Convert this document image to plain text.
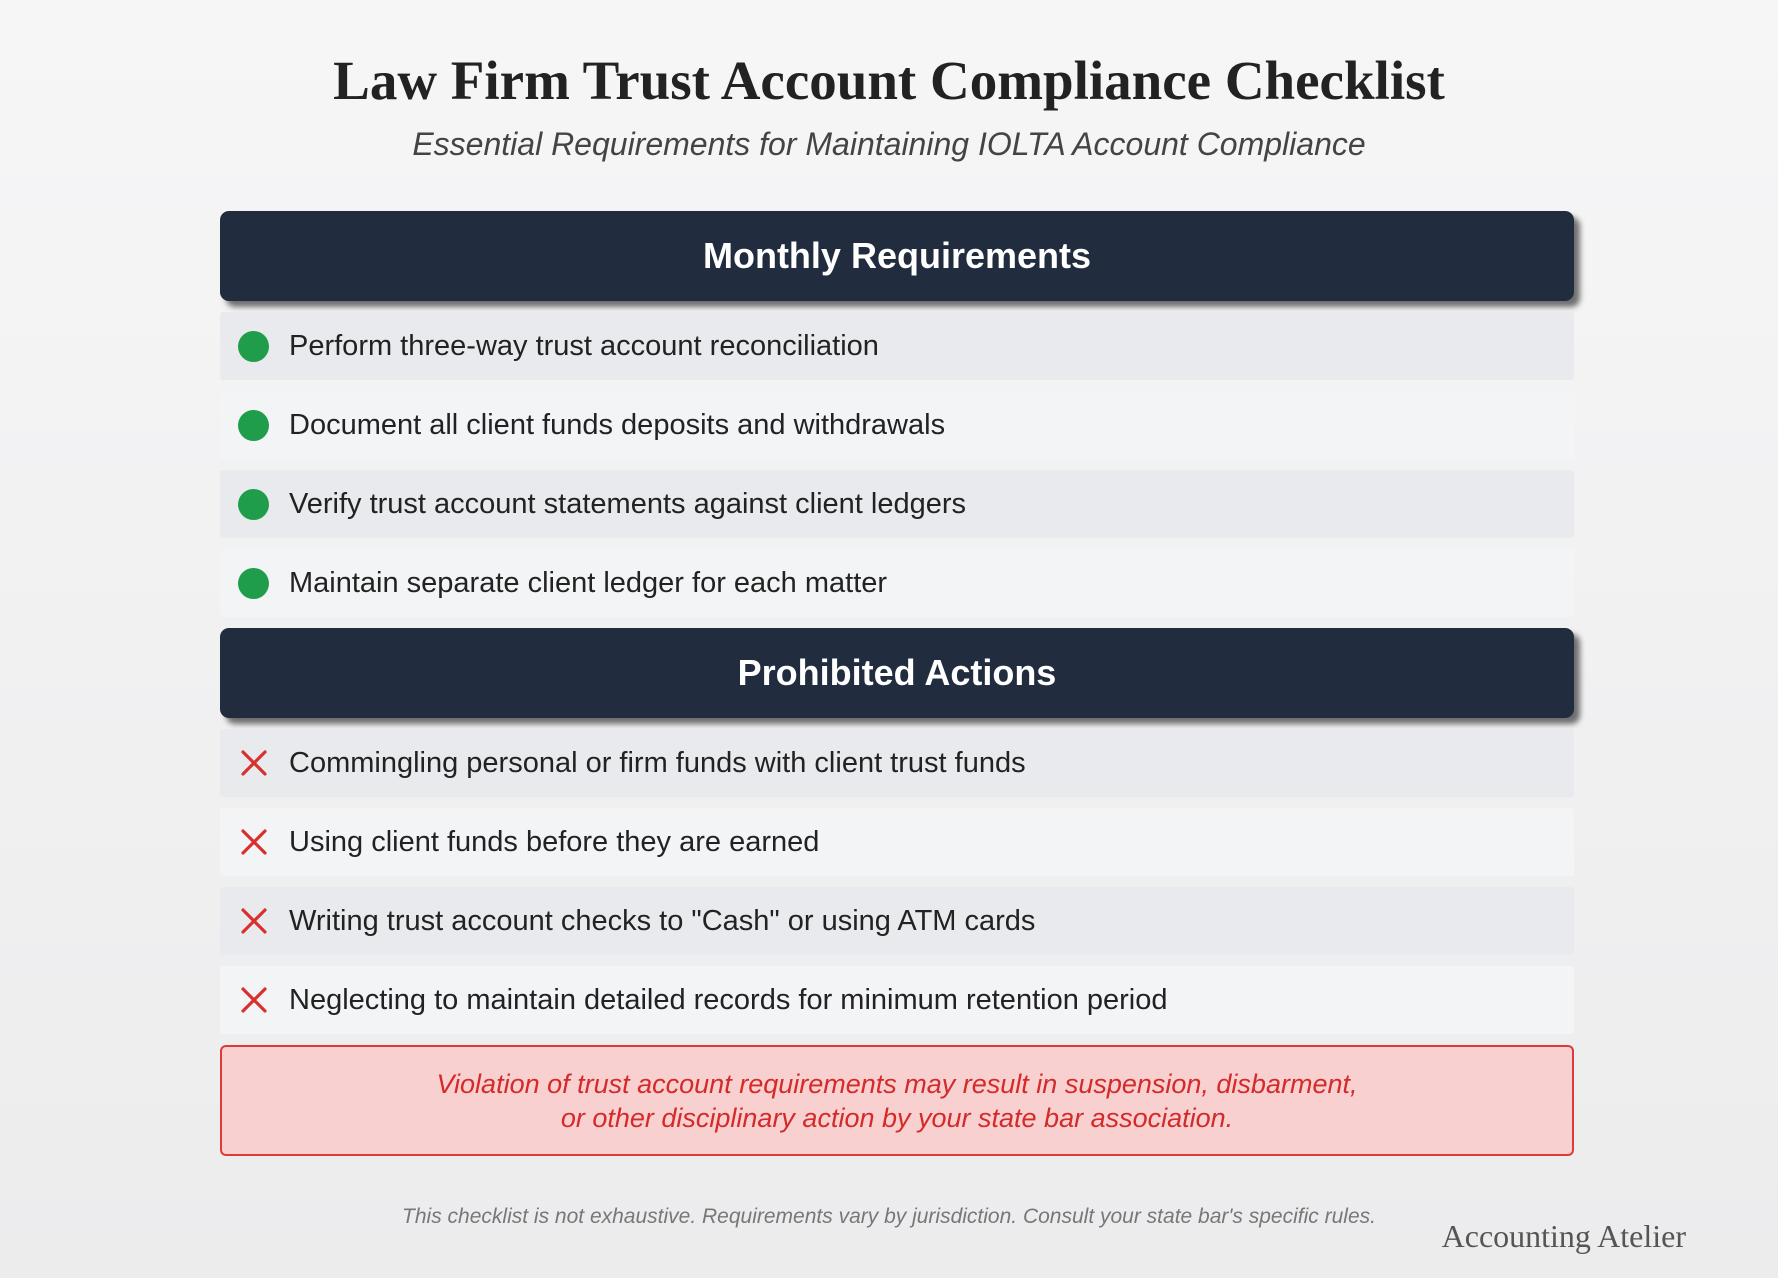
Law Firm Trust Account Compliance Checklist
Essential Requirements for Maintaining IOLTA Account Compliance
Monthly Requirements
Perform three-way trust account reconciliation
Document all client funds deposits and withdrawals
Verify trust account statements against client ledgers
Maintain separate client ledger for each matter
Prohibited Actions
Commingling personal or firm funds with client trust funds
Using client funds before they are earned
Writing trust account checks to "Cash" or using ATM cards
Neglecting to maintain detailed records for minimum retention period
Violation of trust account requirements may result in suspension, disbarment,
or other disciplinary action by your state bar association.
This checklist is not exhaustive. Requirements vary by jurisdiction. Consult your state bar's specific rules.
Accounting Atelier
